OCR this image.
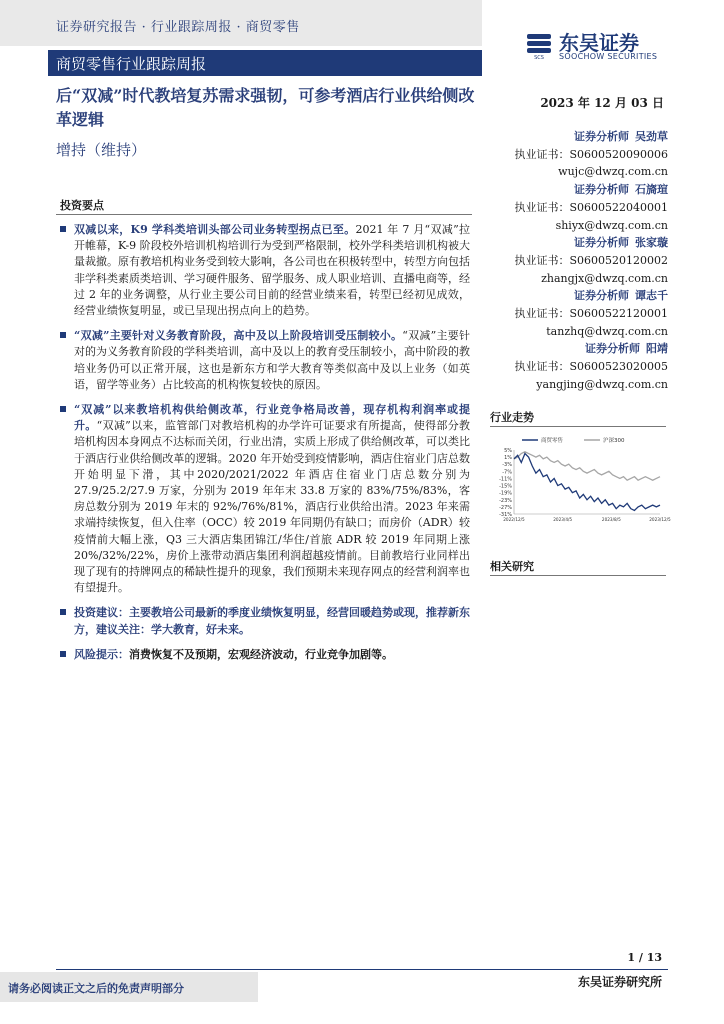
证券研究报告 · 行业跟踪周报 · 商贸零售
商贸零售行业跟踪周报	SCS
东吴证券
SOOCHOW SECURITIES
后“双减”时代教培复苏需求强韧，可参考酒店行业供给侧改革逻辑
2023 年 12 月 03 日
增持（维持）
证券分析师 吴劲草
执业证书：S0600520090006
wujc@dwzq.com.cn
证券分析师 石旖瑄
执业证书：S0600522040001
shiyx@dwzq.com.cn
证券分析师 张家璇
执业证书：S0600520120002
zhangjx@dwzq.com.cn
证券分析师 谭志千
执业证书：S0600522120001
tanzhq@dwzq.com.cn
证券分析师 阳靖
执业证书：S0600523020005
yangjing@dwzq.com.cn
投资要点
双减以来，K9 学科类培训头部公司业务转型拐点已至。2021 年 7 月“双减”拉开帷幕，K-9 阶段校外培训机构培训行为受到严格限制，校外学科类培训机构被大量裁撤。原有教培机构业务受到较大影响，各公司也在积极转型中，转型方向包括非学科类素质类培训、学习硬件服务、留学服务、成人职业培训、直播电商等，经过 2 年的业务调整，从行业主要公司目前的经营业绩来看，转型已经初见成效，经营业绩恢复明显，或已呈现出拐点向上的趋势。
“双减”主要针对义务教育阶段，高中及以上阶段培训受压制较小。“双减”主要针对的为义务教育阶段的学科类培训，高中及以上的教育受压制较小，高中阶段的教培业务仍可以正常开展，这也是新东方和学大教育等类似高中及以上业务（如英语，留学等业务）占比较高的机构恢复较快的原因。
“双减”以来教培机构供给侧改革，行业竞争格局改善，现存机构利润率或提升。“双减”以来，监管部门对教培机构的办学许可证要求有所提高，使得部分教培机构因本身网点不达标而关闭，行业出清，实质上形成了供给侧改革，可以类比于酒店行业供给侧改革的逻辑。2020 年开始受到疫情影响，酒店住宿业门店总数开始明显下滑，其中2020/2021/2022 年酒店住宿业门店总数分别为 27.9/25.2/27.9 万家，分别为 2019 年年末 33.8 万家的 83%/75%/83%，客房总数分别为 2019 年末的 92%/76%/81%，酒店行业供给出清。2023 年来需求端持续恢复，但入住率（OCC）较 2019 年同期仍有缺口；而房价（ADR）较疫情前大幅上涨，Q3 三大酒店集团锦江/华住/首旅 ADR 较 2019 年同期上涨20%/32%/22%，房价上涨带动酒店集团利润超越疫情前。目前教培行业同样出现了现有的持牌网点的稀缺性提升的现象，我们预期未来现存网点的经营利润率也有望提升。
投资建议：主要教培公司最新的季度业绩恢复明显，经营回暖趋势或现，推荐新东方，建议关注：学大教育，好未来。
风险提示：消费恢复不及预期，宏观经济波动，行业竞争加剧等。
行业走势
5%
1%
-3%
-7%
-11%
-15%
-19%
-23%
-27%
-31%
2022/12/5	2023/4/5	2023/8/5	2023/12/5
商贸零售	沪深300
相关研究
1 / 13
请务必阅读正文之后的免责声明部分	东吴证券研究所
